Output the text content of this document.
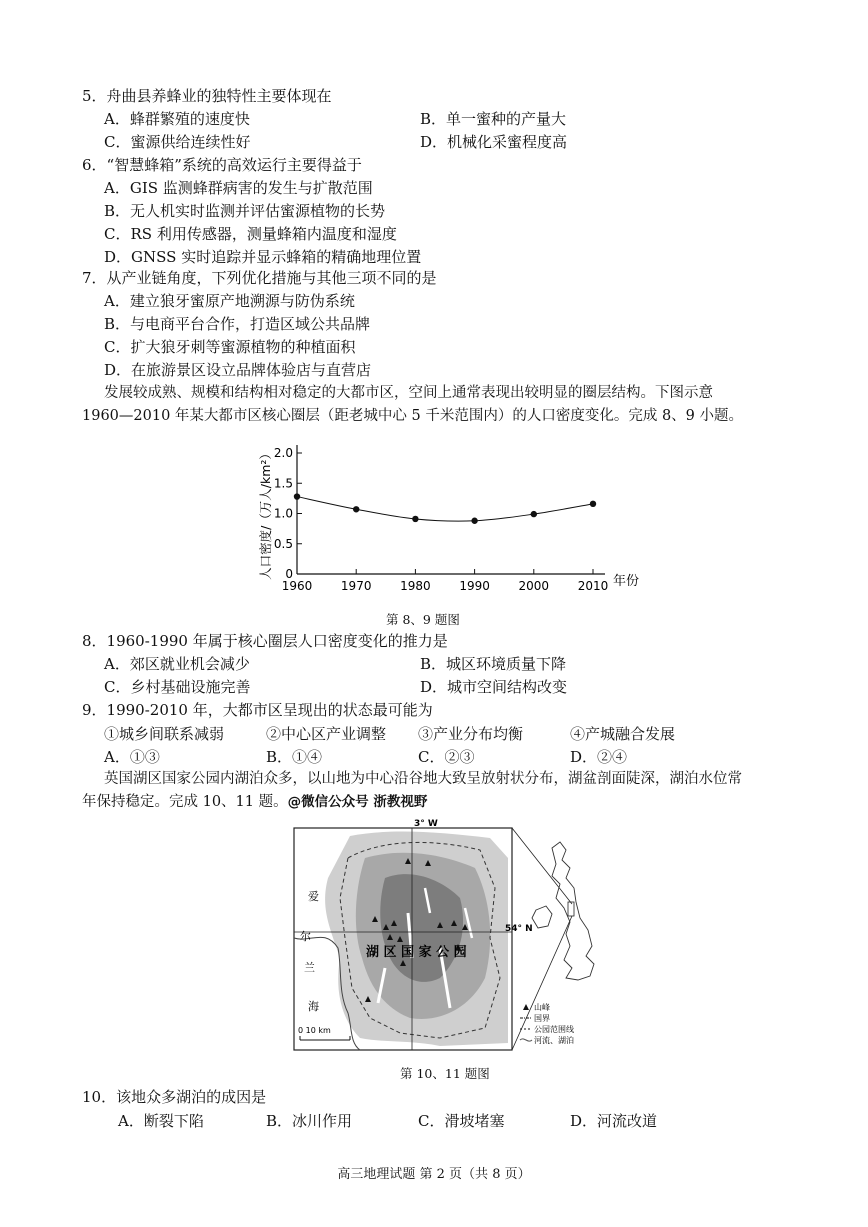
5．舟曲县养蜂业的独特性主要体现在
A．蜂群繁殖的速度快	B．单一蜜种的产量大
C．蜜源供给连续性好	D．机械化采蜜程度高
6．“智慧蜂箱”系统的高效运行主要得益于
A．GIS 监测蜂群病害的发生与扩散范围
B．无人机实时监测并评估蜜源植物的长势
C．RS 利用传感器，测量蜂箱内温度和湿度
D．GNSS 实时追踪并显示蜂箱的精确地理位置
7．从产业链角度，下列优化措施与其他三项不同的是
A．建立狼牙蜜原产地溯源与防伪系统
B．与电商平台合作，打造区域公共品牌
C．扩大狼牙刺等蜜源植物的种植面积
D．在旅游景区设立品牌体验店与直营店
发展较成熟、规模和结构相对稳定的大都市区，空间上通常表现出较明显的圈层结构。下图示意
1960—2010 年某大都市区核心圈层（距老城中心 5 千米范围内）的人口密度变化。完成 8、9 小题。
0
0.5
1.0
1.5
2.0
1960 1970 1980 1990 2000 2010 年份
人口密度/（万人/km²）
第 8、9 题图
8．1960-1990 年属于核心圈层人口密度变化的推力是
A．郊区就业机会减少	B．城区环境质量下降
C．乡村基础设施完善	D．城市空间结构改变
9．1990-2010 年，大都市区呈现出的状态最可能为
①城乡间联系减弱	②中心区产业调整 ③产业分布均衡	④产城融合发展
A．①③	B．①④	C．②③	D．②④
英国湖区国家公园内湖泊众多，以山地为中心沿谷地大致呈放射状分布，湖盆剖面陡深，湖泊水位常
年保持稳定。完成 10、11 题。@微信公众号 浙教视野
3° W
54° N
爱
尔
兰
海
湖 区 国 家 公 园
0 10 km
山峰
国界
公园范围线
河流、湖泊
第 10、11 题图
10．该地众多湖泊的成因是
A．断裂下陷	B．冰川作用	C．滑坡堵塞	D．河流改道
高三地理试题 第 2 页（共 8 页）
